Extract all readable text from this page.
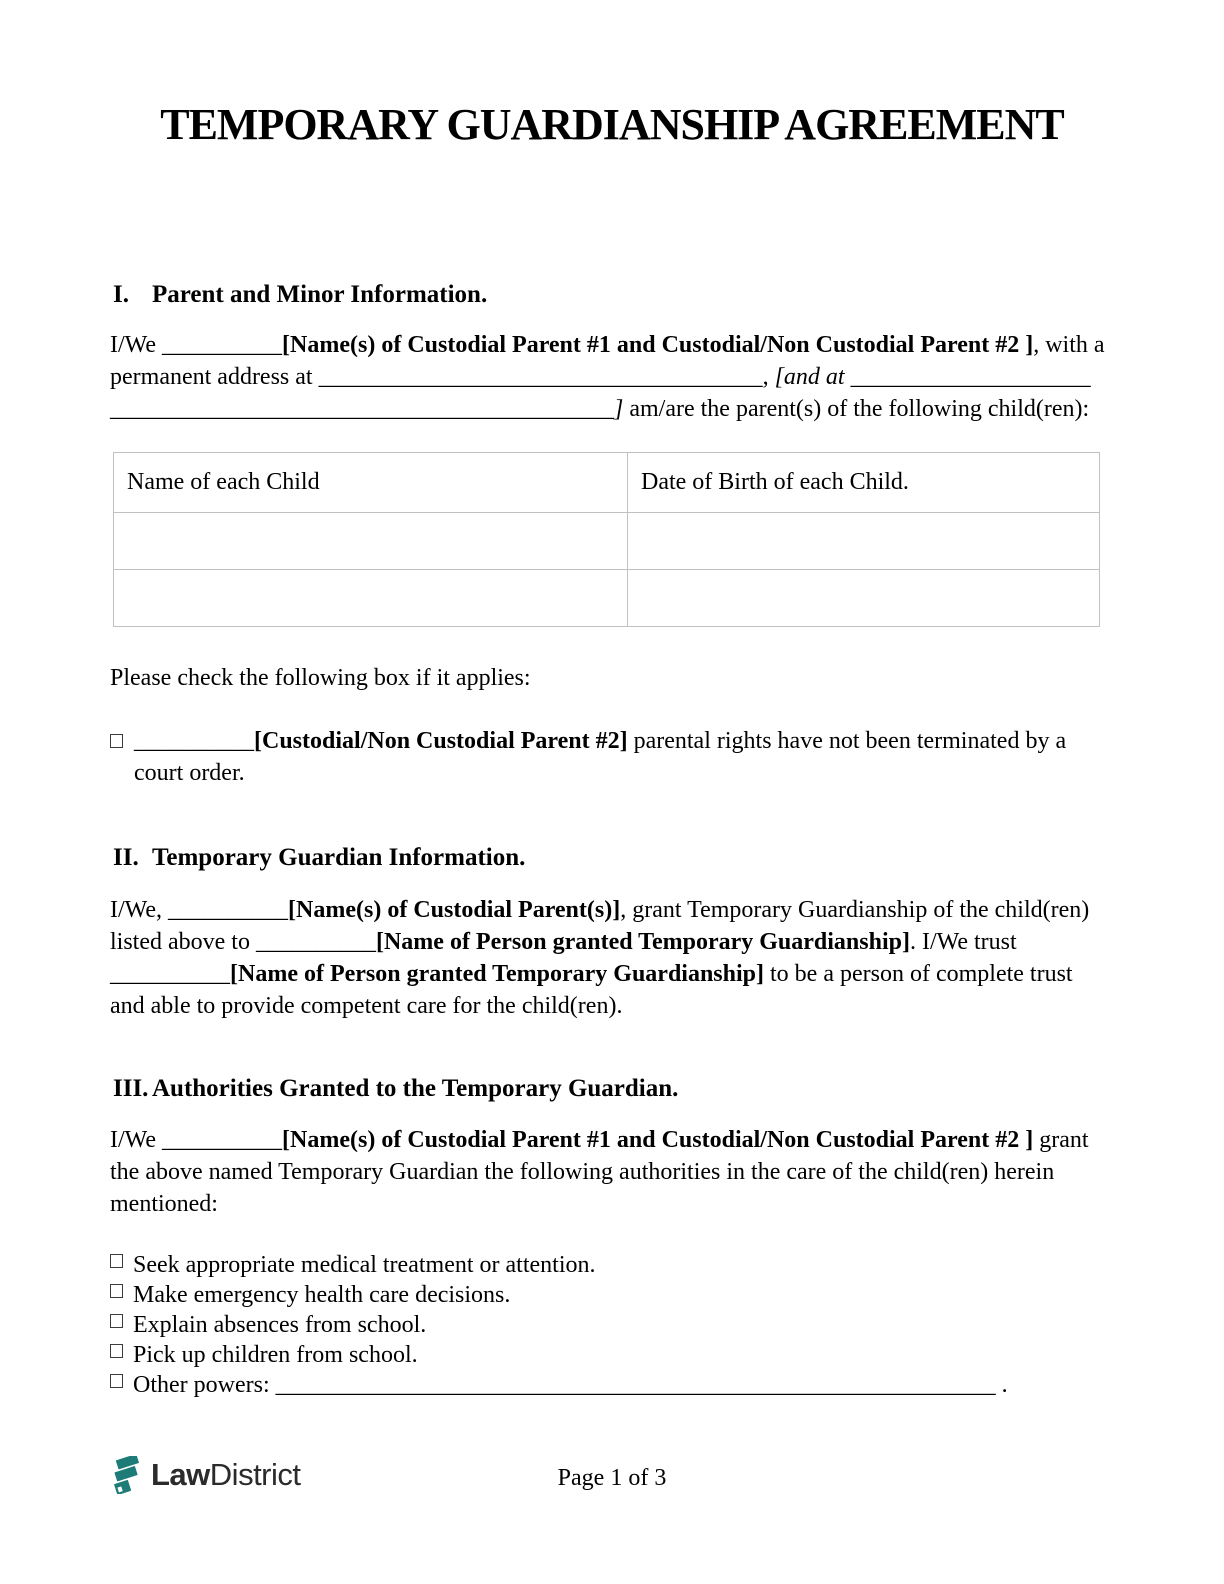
TEMPORARY GUARDIANSHIP AGREEMENT
I. Parent and Minor Information.
I/We __________[Name(s) of Custodial Parent #1 and Custodial/Non Custodial Parent #2 ], with a
permanent address at _____________________________________, [and at ____________________
__________________________________________] am/are the parent(s) of the following child(ren):
Name of each Child	Date of Birth of each Child.

Please check the following box if it applies:
__________[Custodial/Non Custodial Parent #2] parental rights have not been terminated by a
court order.
II. Temporary Guardian Information.
I/We, __________[Name(s) of Custodial Parent(s)], grant Temporary Guardianship of the child(ren)
listed above to __________[Name of Person granted Temporary Guardianship]. I/We trust
__________[Name of Person granted Temporary Guardianship] to be a person of complete trust
and able to provide competent care for the child(ren).
III. Authorities Granted to the Temporary Guardian.
I/We __________[Name(s) of Custodial Parent #1 and Custodial/Non Custodial Parent #2 ] grant
the above named Temporary Guardian the following authorities in the care of the child(ren) herein
mentioned:
Seek appropriate medical treatment or attention.
Make emergency health care decisions.
Explain absences from school.
Pick up children from school.
Other powers: ____________________________________________________________ .
LawDistrict	Page 1 of 3
